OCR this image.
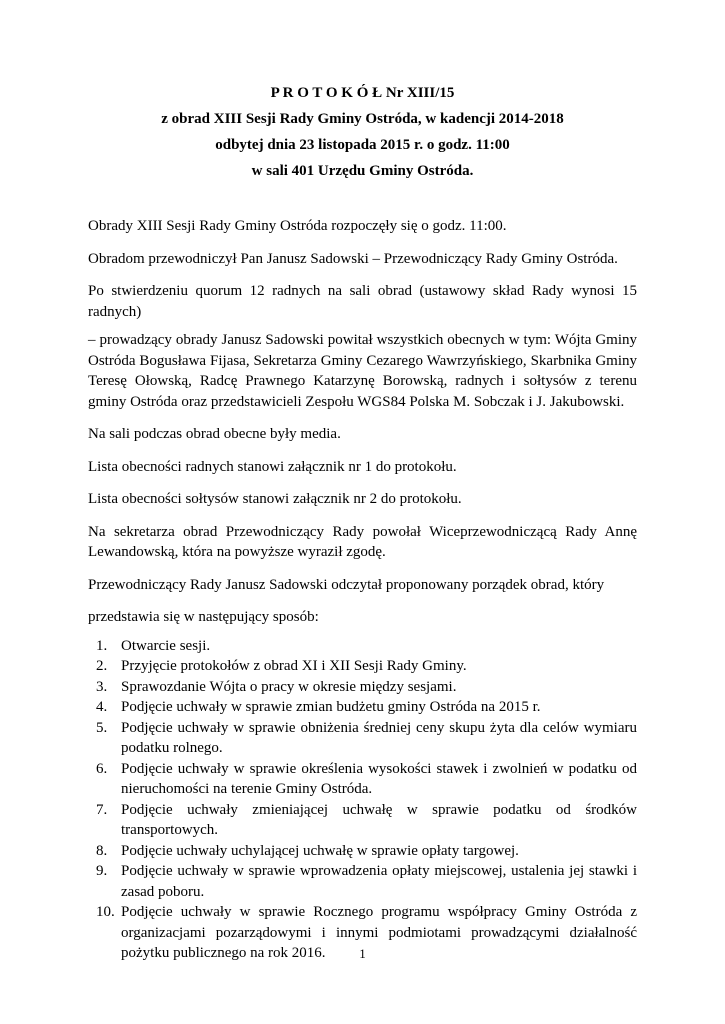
P R O T O K Ó Ł Nr XIII/15
z obrad XIII Sesji Rady Gminy Ostróda, w kadencji 2014-2018
odbytej dnia 23 listopada 2015 r. o godz. 11:00
w sali 401 Urzędu Gminy Ostróda.

Obrady XIII Sesji Rady Gminy Ostróda rozpoczęły się o godz. 11:00.

Obradom przewodniczył Pan Janusz Sadowski – Przewodniczący Rady Gminy Ostróda.

Po stwierdzeniu quorum 12 radnych na sali obrad (ustawowy skład Rady wynosi 15 radnych)

– prowadzący obrady Janusz Sadowski powitał wszystkich obecnych w tym: Wójta Gminy Ostróda Bogusława Fijasa, Sekretarza Gminy Cezarego Wawrzyńskiego, Skarbnika Gminy Teresę Ołowską, Radcę Prawnego Katarzynę Borowską, radnych i sołtysów z terenu gminy Ostróda oraz przedstawicieli Zespołu WGS84 Polska M. Sobczak i J. Jakubowski.

Na sali podczas obrad obecne były media.

Lista obecności radnych stanowi załącznik nr 1 do protokołu.

Lista obecności sołtysów stanowi załącznik nr 2 do protokołu.

Na sekretarza obrad Przewodniczący Rady powołał Wiceprzewodniczącą Rady Annę Lewandowską, która na powyższe wyraził zgodę.

Przewodniczący Rady Janusz Sadowski odczytał proponowany porządek obrad, który

przedstawia się w następujący sposób:

1. Otwarcie sesji.
2. Przyjęcie protokołów z obrad XI i XII Sesji Rady Gminy.
3. Sprawozdanie Wójta o pracy w okresie między sesjami.
4. Podjęcie uchwały w sprawie zmian budżetu gminy Ostróda na 2015 r.
5. Podjęcie uchwały w sprawie obniżenia średniej ceny skupu żyta dla celów wymiaru podatku rolnego.
6. Podjęcie uchwały w sprawie określenia wysokości stawek i zwolnień w podatku od nieruchomości na terenie Gminy Ostróda.
7. Podjęcie uchwały zmieniającej uchwałę w sprawie podatku od środków transportowych.
8. Podjęcie uchwały uchylającej uchwałę w sprawie opłaty targowej.
9. Podjęcie uchwały w sprawie wprowadzenia opłaty miejscowej, ustalenia jej stawki i zasad poboru.
10. Podjęcie uchwały w sprawie Rocznego programu współpracy Gminy Ostróda z organizacjami pozarządowymi i innymi podmiotami prowadzącymi działalność pożytku publicznego na rok 2016.	1
